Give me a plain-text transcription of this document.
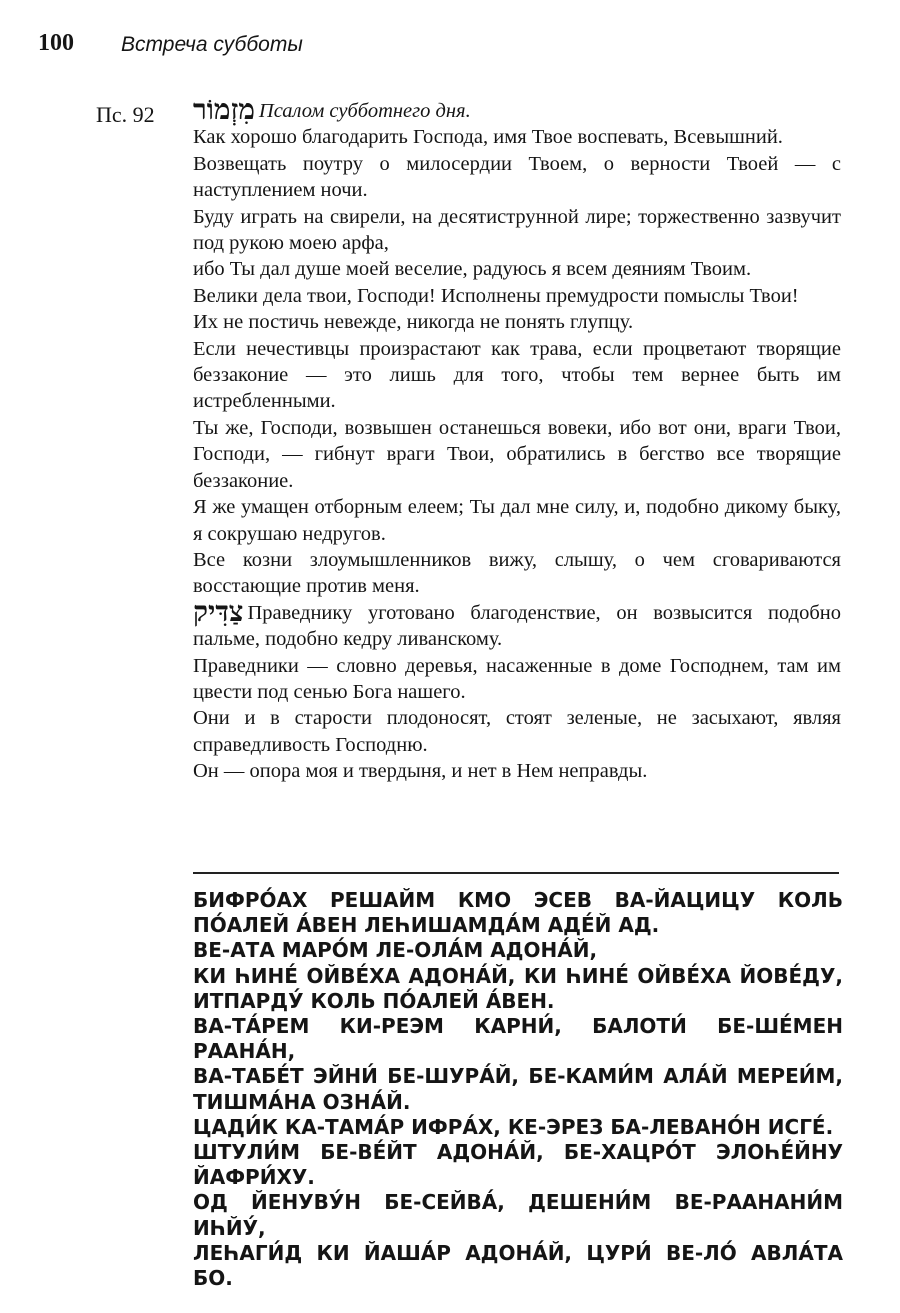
100 Встреча субботы
Пс. 92 מִזְמוֹר Псалом субботнего дня.

Как хорошо благодарить Господа, имя Твое воспевать, Всевышний.

Возвещать поутру о милосердии Твоем, о верности Твоей — с наступлением ночи.

Буду играть на свирели, на десятиструнной лире; торжественно зазвучит под рукою моею арфа,

ибо Ты дал душе моей веселие, радуюсь я всем деяниям Твоим.

Велики дела твои, Господи! Исполнены премудрости помыслы Твои!

Их не постичь невежде, никогда не понять глупцу.

Если нечестивцы произрастают как трава, если процветают творящие беззаконие — это лишь для того, чтобы тем вернее быть им истребленными.

Ты же, Господи, возвышен останешься вовеки, ибо вот они, враги Твои, Господи, — гибнут враги Твои, обратились в бегство все творящие беззаконие.

Я же умащен отборным елеем; Ты дал мне силу, и, подобно дикому быку, я сокрушаю недругов.

Все козни злоумышленников вижу, слышу, о чем сговариваются восстающие против меня.

צַדִּיק Праведнику уготовано благоденствие, он возвысится подобно пальме, подобно кедру ливанскому.

Праведники — словно деревья, насаженные в доме Господнем, там им цвести под сенью Бога нашего.

Они и в старости плодоносят, стоят зеленые, не засыхают, являя справедливость Господню.

Он — опора моя и твердыня, и нет в Нем неправды.

БИФРО́АХ РЕШАЙМ КМО ЭСЕВ ВА-ЙАЦИЦУ КОЛЬ ПО́АЛЕЙ А́ВЕН ЛЕҺИШАМДА́М АДЕ́Й АД.

ВЕ-АТА МАРО́М ЛЕ-ОЛА́М АДОНА́Й,

КИ ҺИНЕ́ ОЙВЕ́ХА АДОНА́Й, КИ ҺИНЕ́ ОЙВЕ́ХА ЙОВЕ́ДУ, ИТПАРДУ́ КОЛЬ ПО́АЛЕЙ А́ВЕН.

ВА-ТА́РЕМ КИ-РЕЭМ КАРНИ́, БАЛОТИ́ БЕ-ШЕ́МЕН РААНА́Н,

ВА-ТАБЕ́Т ЭЙНИ́ БЕ-ШУРА́Й, БЕ-КАМИ́М АЛА́Й МЕРЕИ́М, ТИШМА́НА ОЗНА́Й.

ЦАДИ́К КА-ТАМА́Р ИФРА́Х, КЕ-ЭРЕЗ БА-ЛЕВАНО́Н ИСГЕ́.

ШТУЛИ́М БЕ-ВЕ́ЙТ АДОНА́Й, БЕ-ХАЦРО́Т ЭЛОҺЕ́ЙНУ ЙАФРИ́ХУ.

ОД ЙЕНУВУ́Н БЕ-СЕЙВА́, ДЕШЕНИ́М ВЕ-РААНАНИ́М ИҺЙУ́,

ЛЕҺАГИ́Д КИ ЙАША́Р АДОНА́Й, ЦУРИ́ ВЕ-ЛО́ АВЛА́ТА БО.
